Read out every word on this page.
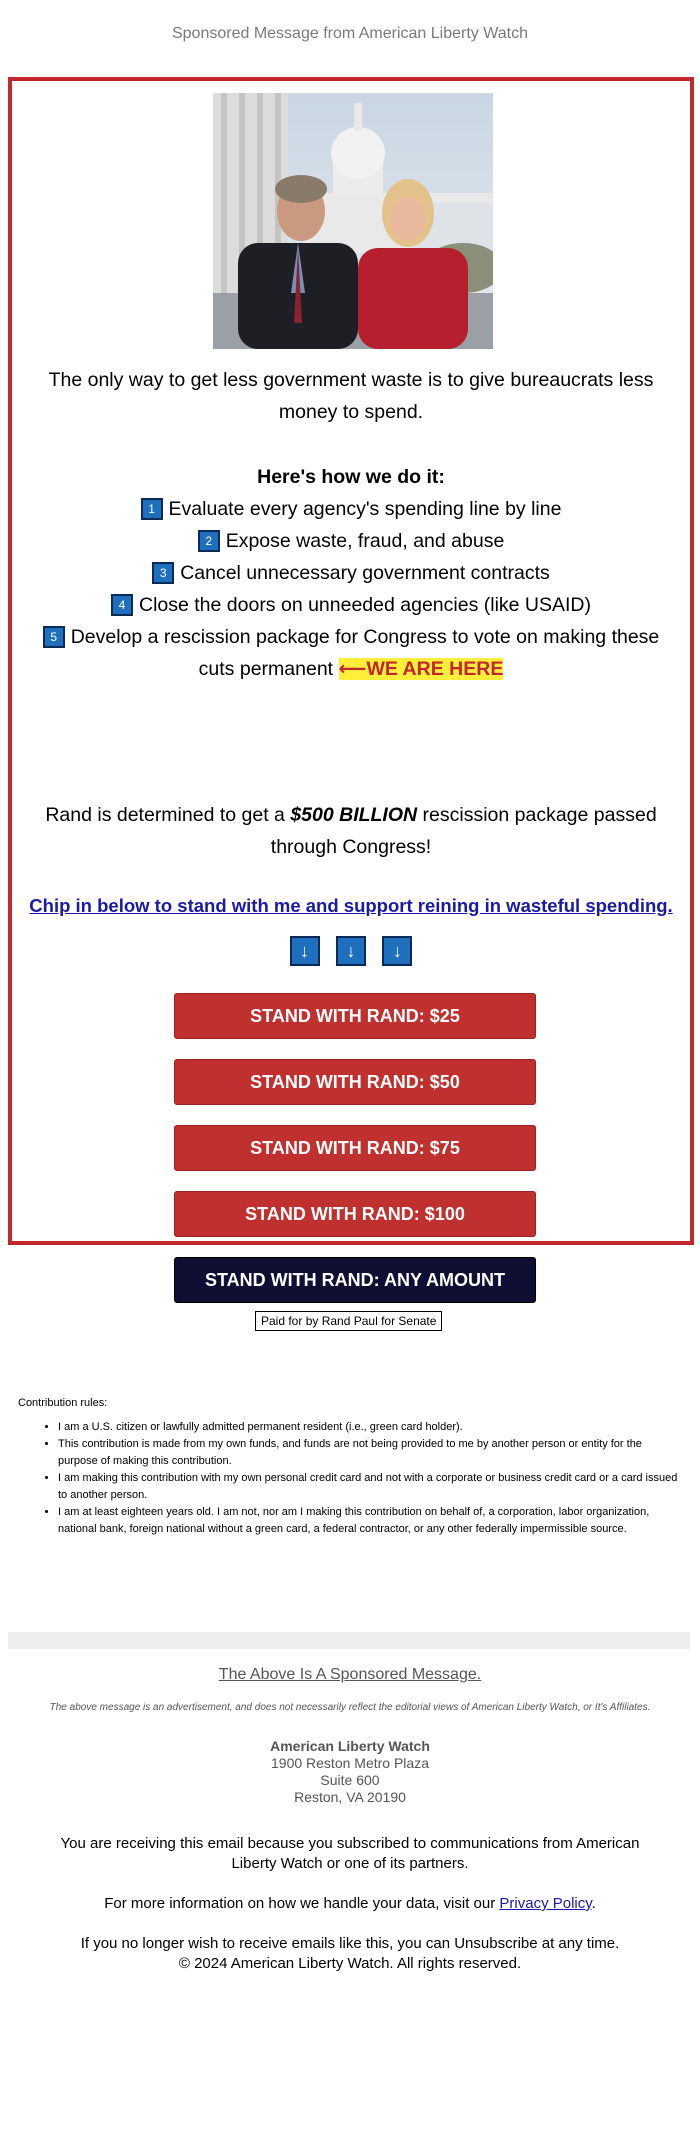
Sponsored Message from American Liberty Watch
The only way to get less government waste is to give bureaucrats less money to spend.
Here's how we do it:
1 Evaluate every agency's spending line by line
2 Expose waste, fraud, and abuse
3 Cancel unnecessary government contracts
4 Close the doors on unneeded agencies (like USAID)
5 Develop a rescission package for Congress to vote on making these cuts permanent ⟵WE ARE HERE
Rand is determined to get a $500 BILLION rescission package passed through Congress!
Chip in below to stand with me and support reining in wasteful spending.
↓ ↓ ↓
STAND WITH RAND: $25
STAND WITH RAND: $50
STAND WITH RAND: $75
STAND WITH RAND: $100
STAND WITH RAND: ANY AMOUNT
Paid for by Rand Paul for Senate
Contribution rules:
• I am a U.S. citizen or lawfully admitted permanent resident (i.e., green card holder).
• This contribution is made from my own funds, and funds are not being provided to me by another person or entity for the purpose of making this contribution.
• I am making this contribution with my own personal credit card and not with a corporate or business credit card or a card issued to another person.
• I am at least eighteen years old. I am not, nor am I making this contribution on behalf of, a corporation, labor organization, national bank, foreign national without a green card, a federal contractor, or any other federally impermissible source.
The Above Is A Sponsored Message.
The above message is an advertisement, and does not necessarily reflect the editorial views of American Liberty Watch, or It's Affiliates.
American Liberty Watch
1900 Reston Metro Plaza
Suite 600
Reston, VA 20190
You are receiving this email because you subscribed to communications from American Liberty Watch or one of its partners.
For more information on how we handle your data, visit our Privacy Policy.
If you no longer wish to receive emails like this, you can Unsubscribe at any time.
© 2024 American Liberty Watch. All rights reserved.
